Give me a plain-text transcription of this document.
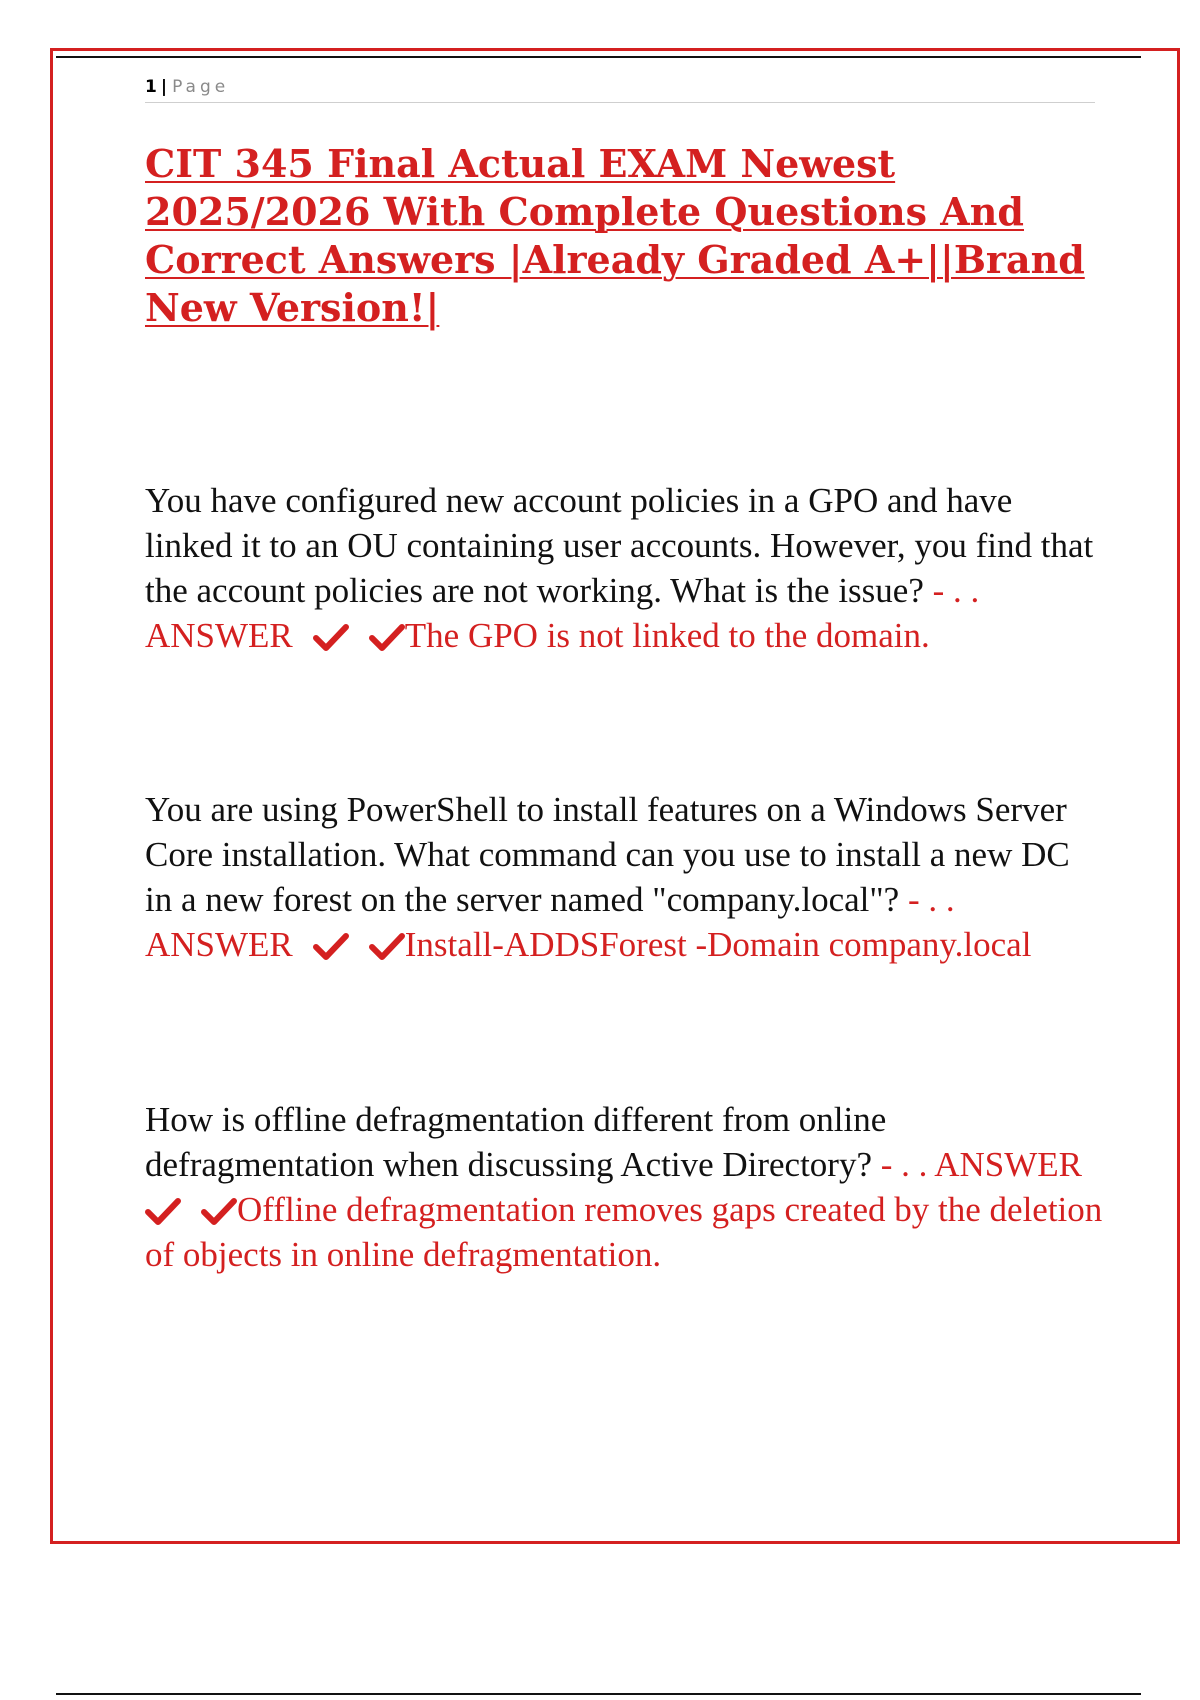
1 | Page
CIT 345 Final Actual EXAM Newest 2025/2026 With Complete Questions And Correct Answers |Already Graded A+||Brand New Version!|

You have configured new account policies in a GPO and have linked it to an OU containing user accounts. However, you find that the account policies are not working. What is the issue? - . . ANSWER	The GPO is not linked to the domain.

You are using PowerShell to install features on a Windows Server Core installation. What command can you use to install a new DC in a new forest on the server named "company.local"? - . . ANSWER	Install-ADDSForest -Domain company.local

How is offline defragmentation different from online defragmentation when discussing Active Directory? - . . ANSWER
Offline defragmentation removes gaps created by the deletion of objects in online defragmentation.
